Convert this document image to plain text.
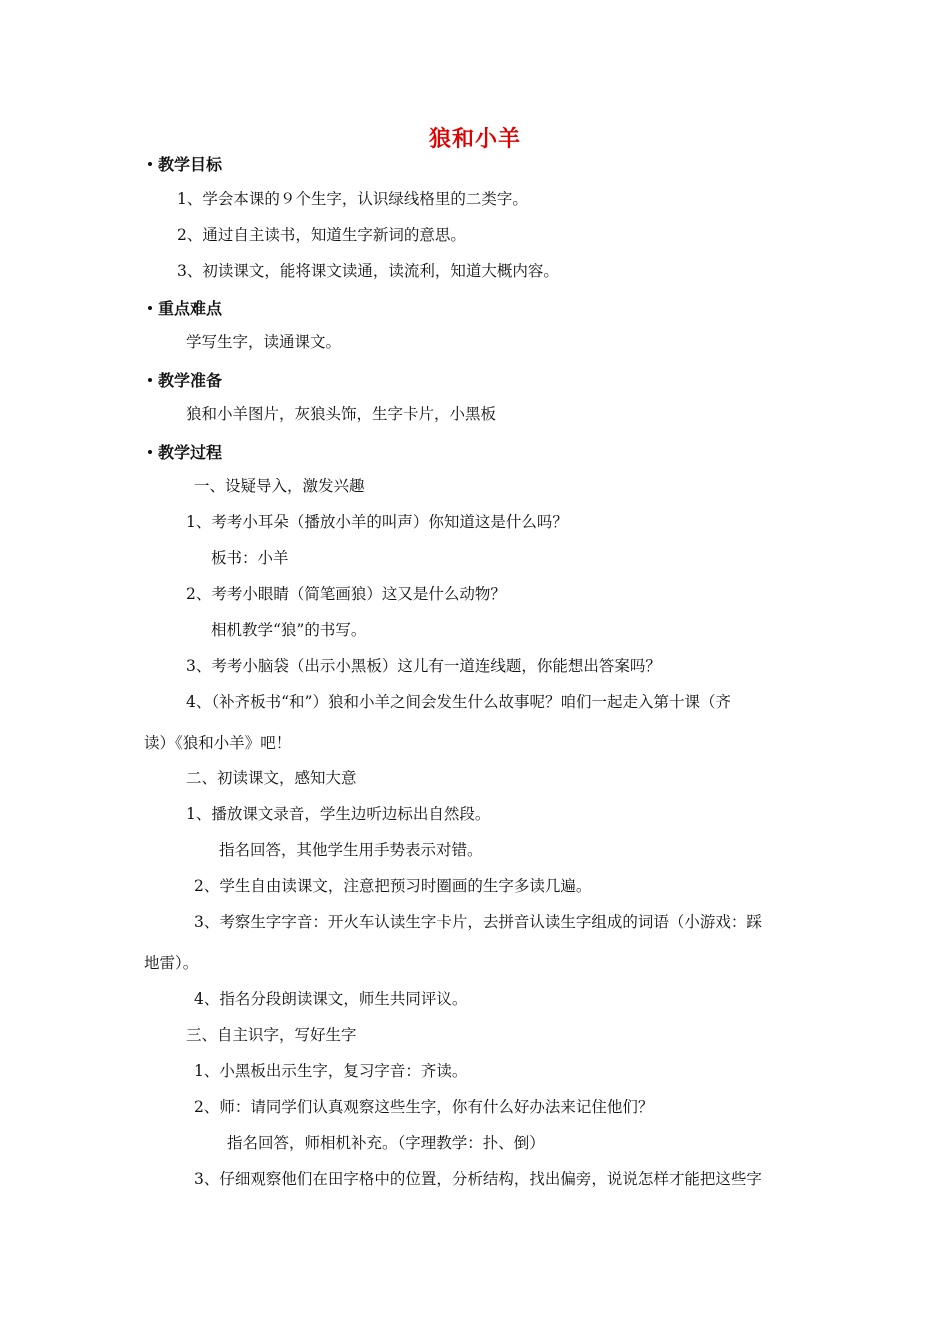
狼和小羊
教学目标
1、学会本课的９个生字，认识绿线格里的二类字。
2、通过自主读书，知道生字新词的意思。
3、初读课文，能将课文读通，读流利，知道大概内容。
重点难点
学写生字，读通课文。
教学准备
狼和小羊图片，灰狼头饰，生字卡片，小黑板
教学过程
一、设疑导入，激发兴趣
1、考考小耳朵（播放小羊的叫声）你知道这是什么吗？
板书：小羊
2、考考小眼睛（简笔画狼）这又是什么动物？
相机教学“狼”的书写。
3、考考小脑袋（出示小黑板）这儿有一道连线题，你能想出答案吗？
4、（补齐板书“和”）狼和小羊之间会发生什么故事呢？咱们一起走入第十课（齐
读）《狼和小羊》吧！
二、初读课文，感知大意
1、播放课文录音，学生边听边标出自然段。
指名回答，其他学生用手势表示对错。
2、学生自由读课文，注意把预习时圈画的生字多读几遍。
3、考察生字字音：开火车认读生字卡片，去拼音认读生字组成的词语（小游戏：踩
地雷）。
4、指名分段朗读课文，师生共同评议。
三、自主识字，写好生字
1、小黑板出示生字，复习字音：齐读。
2、师：请同学们认真观察这些生字，你有什么好办法来记住他们？
指名回答，师相机补充。（字理教学：扑、倒）
3、仔细观察他们在田字格中的位置，分析结构，找出偏旁，说说怎样才能把这些字
